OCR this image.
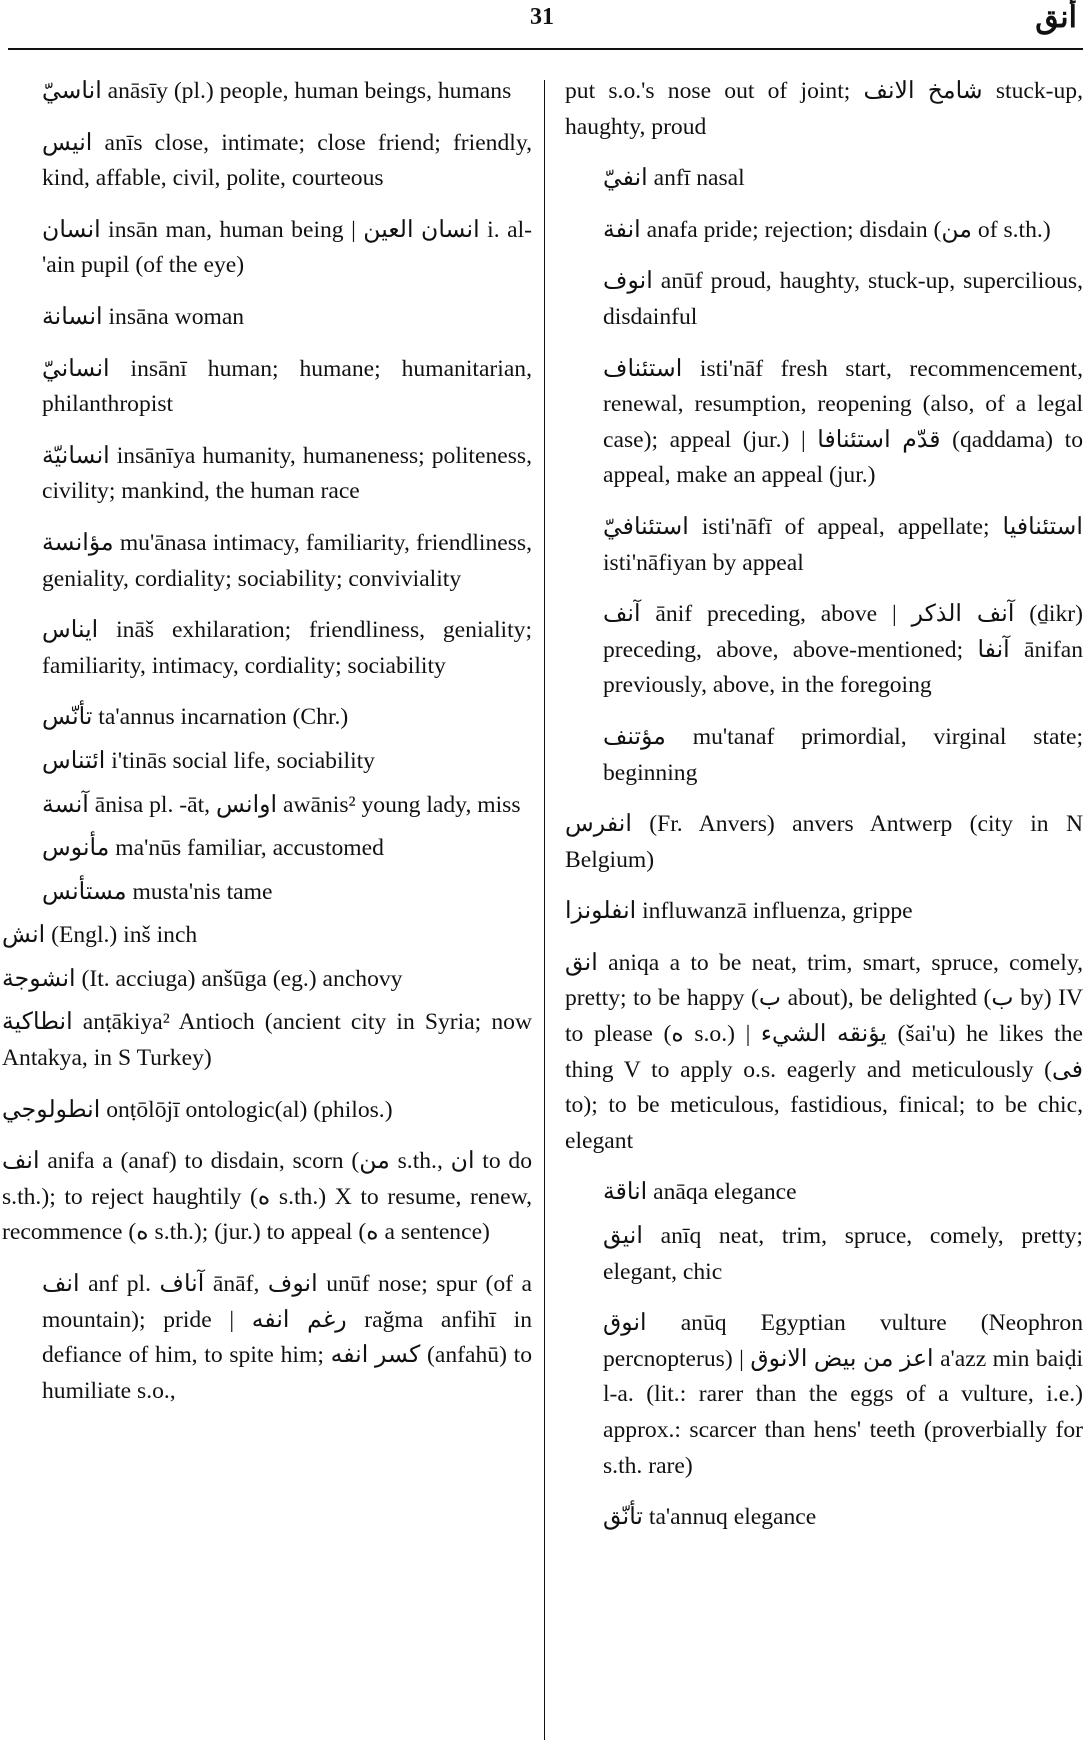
31	أنق

اناسيّ anāsīy (pl.) people, human beings, humans

انيس anīs close, intimate; close friend; friendly, kind, affable, civil, polite, courteous

انسان insān man, human being | انسان العين i. al-'ain pupil (of the eye)

انسانة insāna woman

انسانيّ insānī human; humane; humanitarian, philanthropist

انسانيّة insānīya humanity, humaneness; politeness, civility; mankind, the human race

مؤانسة mu'ānasa intimacy, familiarity, friendliness, geniality, cordiality; sociability; conviviality

ايناس ināš exhilaration; friendliness, geniality; familiarity, intimacy, cordiality; sociability

تأنّس ta'annus incarnation (Chr.)

ائتناس i'tinās social life, sociability

آنسة ānisa pl. -āt, اوانس awānis² young lady, miss

مأنوس ma'nūs familiar, accustomed

مستأنس musta'nis tame

انش (Engl.) inš inch

انشوجة (It. acciuga) anšūga (eg.) anchovy

انطاكية anṭākiya² Antioch (ancient city in Syria; now Antakya, in S Turkey)

انطولوجي onṭōlōjī ontologic(al) (philos.)

انف anifa a (anaf) to disdain, scorn (من s.th., ان to do s.th.); to reject haughtily (ه s.th.) X to resume, renew, recommence (ه s.th.); (jur.) to appeal (ه a sentence)

انف anf pl. آناف ānāf, انوف unūf nose; spur (of a mountain); pride | رغم انفه rağma anfihī in defiance of him, to spite him; كسر انفه (anfahū) to humiliate s.o.,

put s.o.'s nose out of joint; شامخ الانف stuck-up, haughty, proud

انفيّ anfī nasal

انفة anafa pride; rejection; disdain (من of s.th.)

انوف anūf proud, haughty, stuck-up, supercilious, disdainful

استئناف isti'nāf fresh start, recommencement, renewal, resumption, reopening (also, of a legal case); appeal (jur.) | قدّم استئنافا (qaddama) to appeal, make an appeal (jur.)

استئنافيّ isti'nāfī of appeal, appellate; استئنافيا isti'nāfiyan by appeal

آنف ānif preceding, above | آنف الذكر (ḏikr) preceding, above, above-mentioned; آنفا ānifan previously, above, in the foregoing

مؤتنف mu'tanaf primordial, virginal state; beginning

انفرس (Fr. Anvers) anvers Antwerp (city in N Belgium)

انفلونزا influwanzā influenza, grippe

انق aniqa a to be neat, trim, smart, spruce, comely, pretty; to be happy (ب about), be delighted (ب by) IV to please (ه s.o.) | يؤنقه الشيء (šai'u) he likes the thing V to apply o.s. eagerly and meticulously (فى to); to be meticulous, fastidious, finical; to be chic, elegant

اناقة anāqa elegance

انيق anīq neat, trim, spruce, comely, pretty; elegant, chic

انوق anūq Egyptian vulture (Neophron percnopterus) | اعز من بيض الانوق a'azz min baiḍi l-a. (lit.: rarer than the eggs of a vulture, i.e.) approx.: scarcer than hens' teeth (proverbially for s.th. rare)

تأنّق ta'annuq elegance
